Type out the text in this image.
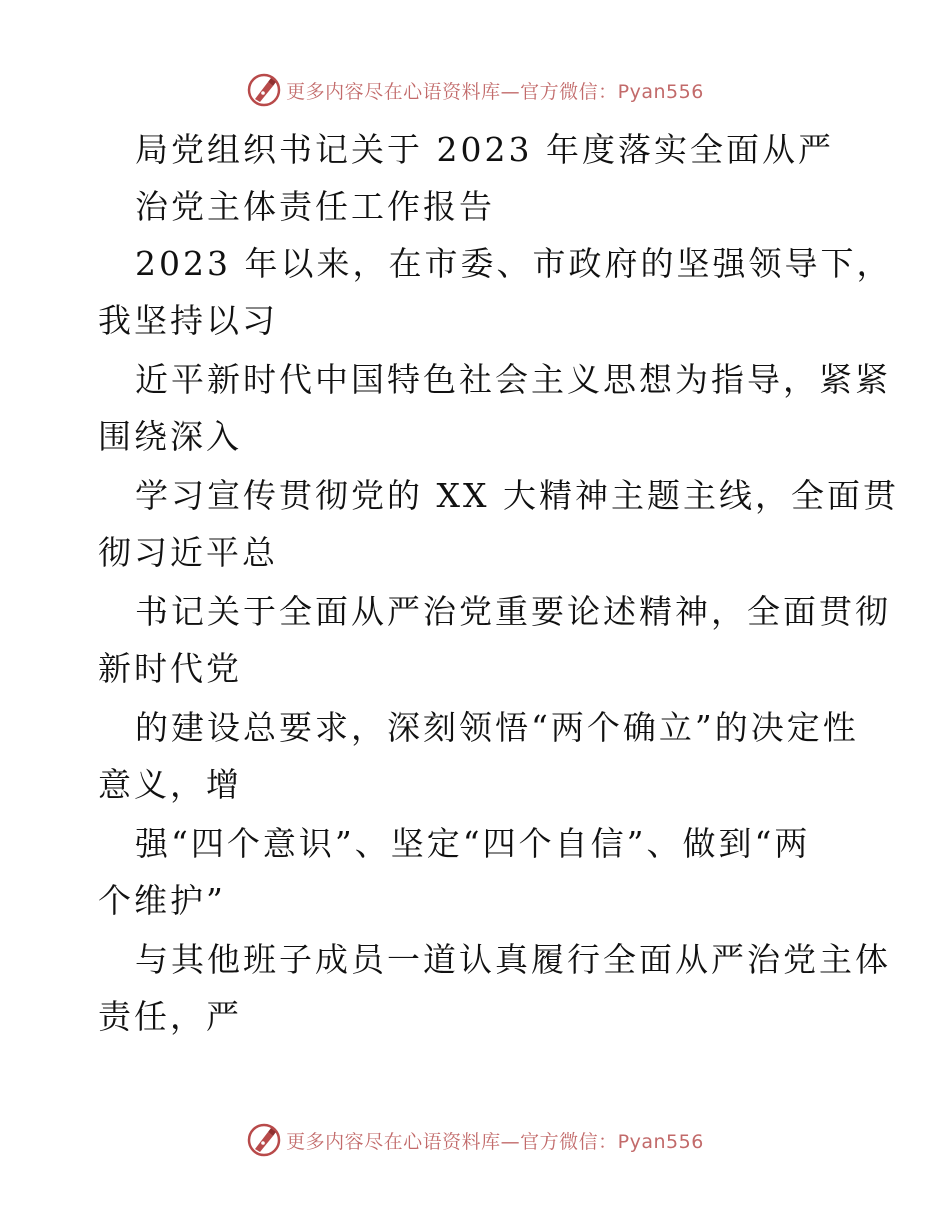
更多内容尽在心语资料库—官方微信：Pyan556
局党组织书记关于 2023 年度落实全面从严
治党主体责任工作报告
2023 年以来，在市委、市政府的坚强领导下，
我坚持以习
近平新时代中国特色社会主义思想为指导，紧紧
围绕深入
学习宣传贯彻党的 XX 大精神主题主线，全面贯
彻习近平总
书记关于全面从严治党重要论述精神，全面贯彻
新时代党
的建设总要求，深刻领悟“两个确立”的决定性
意义，增
强“四个意识”、坚定“四个自信”、做到“两
个维护”
与其他班子成员一道认真履行全面从严治党主体
责任，严
更多内容尽在心语资料库—官方微信：Pyan556
